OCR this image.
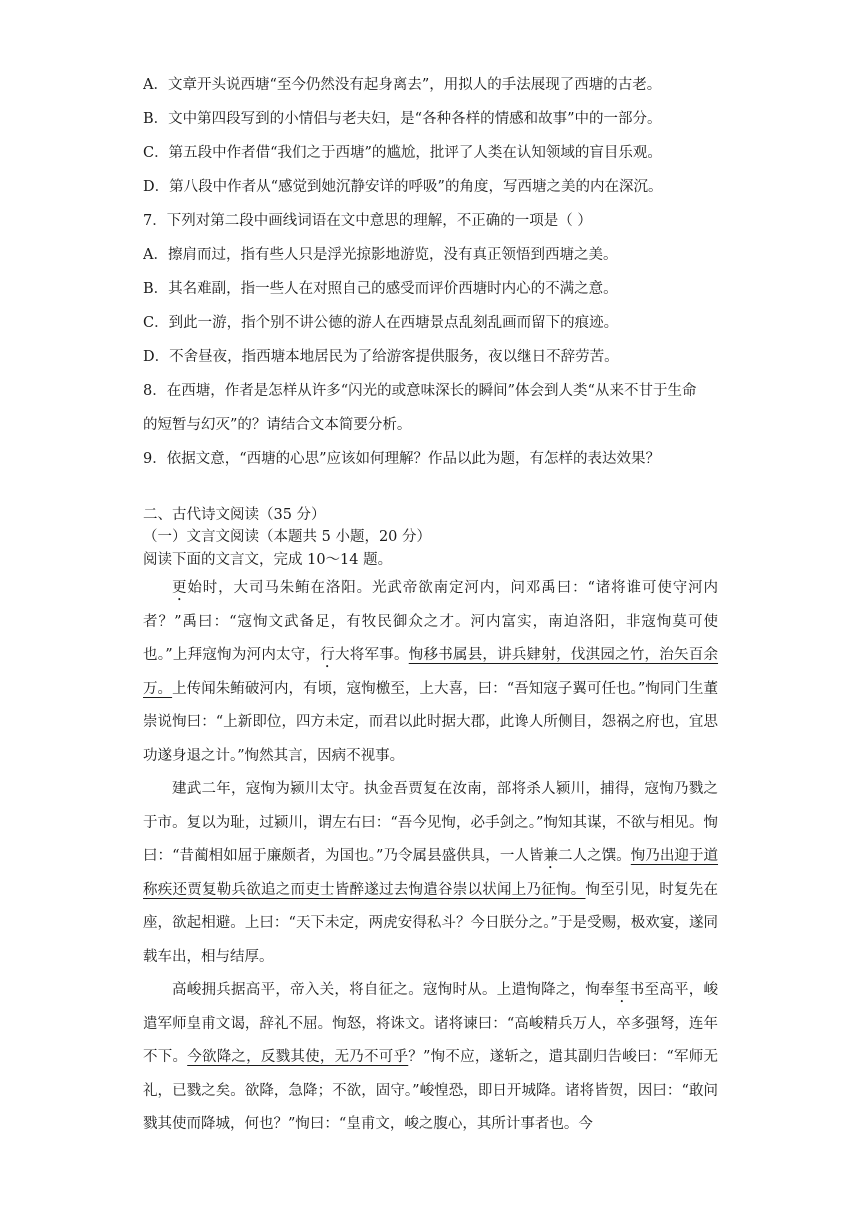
A．文章开头说西塘“至今仍然没有起身离去”，用拟人的手法展现了西塘的古老。
B．文中第四段写到的小情侣与老夫妇，是“各种各样的情感和故事”中的一部分。
C．第五段中作者借“我们之于西塘”的尴尬，批评了人类在认知领域的盲目乐观。
D．第八段中作者从“感觉到她沉静安详的呼吸”的角度，写西塘之美的内在深沉。
7．下列对第二段中画线词语在文中意思的理解，不正确的一项是（ ）
A．擦肩而过，指有些人只是浮光掠影地游览，没有真正领悟到西塘之美。
B．其名难副，指一些人在对照自己的感受而评价西塘时内心的不满之意。
C．到此一游，指个别不讲公德的游人在西塘景点乱刻乱画而留下的痕迹。
D．不舍昼夜，指西塘本地居民为了给游客提供服务，夜以继日不辞劳苦。
8．在西塘，作者是怎样从许多“闪光的或意味深长的瞬间”体会到人类“从来不甘于生命
的短暂与幻灭”的？请结合文本简要分析。
9．依据文意，“西塘的心思”应该如何理解？作品以此为题，有怎样的表达效果？
二、古代诗文阅读（35 分）
（一）文言文阅读（本题共 5 小题，20 分）
阅读下面的文言文，完成 10～14 题。

更始时，大司马朱鲔在洛阳。光武帝欲南定河内，问邓禹曰：“诸将谁可使守河内者？”禹曰：“寇恂文武备足，有牧民御众之才。河内富实，南迫洛阳，非寇恂莫可使也。”上拜寇恂为河内太守，行大将军事。恂移书属县，讲兵肄射，伐淇园之竹，治矢百余万。上传闻朱鲔破河内，有顷，寇恂檄至，上大喜，曰：“吾知寇子翼可任也。”恂同门生董崇说恂曰：“上新即位，四方未定，而君以此时据大郡，此谗人所侧目，怨祸之府也，宜思功遂身退之计。”恂然其言，因病不视事。

建武二年，寇恂为颍川太守。执金吾贾复在汝南，部将杀人颍川，捕得，寇恂乃戮之于市。复以为耻，过颍川，谓左右曰：“吾今见恂，必手剑之。”恂知其谋，不欲与相见。恂曰：“昔蔺相如屈于廉颇者，为国也。”乃令属县盛供具，一人皆兼二人之馔。恂乃出迎于道称疾还贾复勒兵欲追之而吏士皆醉遂过去恂遣谷崇以状闻上乃征恂。恂至引见，时复先在座，欲起相避。上曰：“天下未定，两虎安得私斗？今日朕分之。”于是受赐，极欢宴，遂同载车出，相与结厚。

高峻拥兵据高平，帝入关，将自征之。寇恂时从。上遣恂降之，恂奉玺书至高平，峻遣军师皇甫文谒，辞礼不屈。恂怒，将诛文。诸将谏曰：“高峻精兵万人，卒多强弩，连年不下。今欲降之，反戮其使，无乃不可乎？”恂不应，遂斩之，遣其副归告峻曰：“军师无礼，已戮之矣。欲降，急降；不欲，固守。”峻惶恐，即日开城降。诸将皆贺，因曰：“敢问戮其使而降城，何也？”恂曰：“皇甫文，峻之腹心，其所计事者也。今
